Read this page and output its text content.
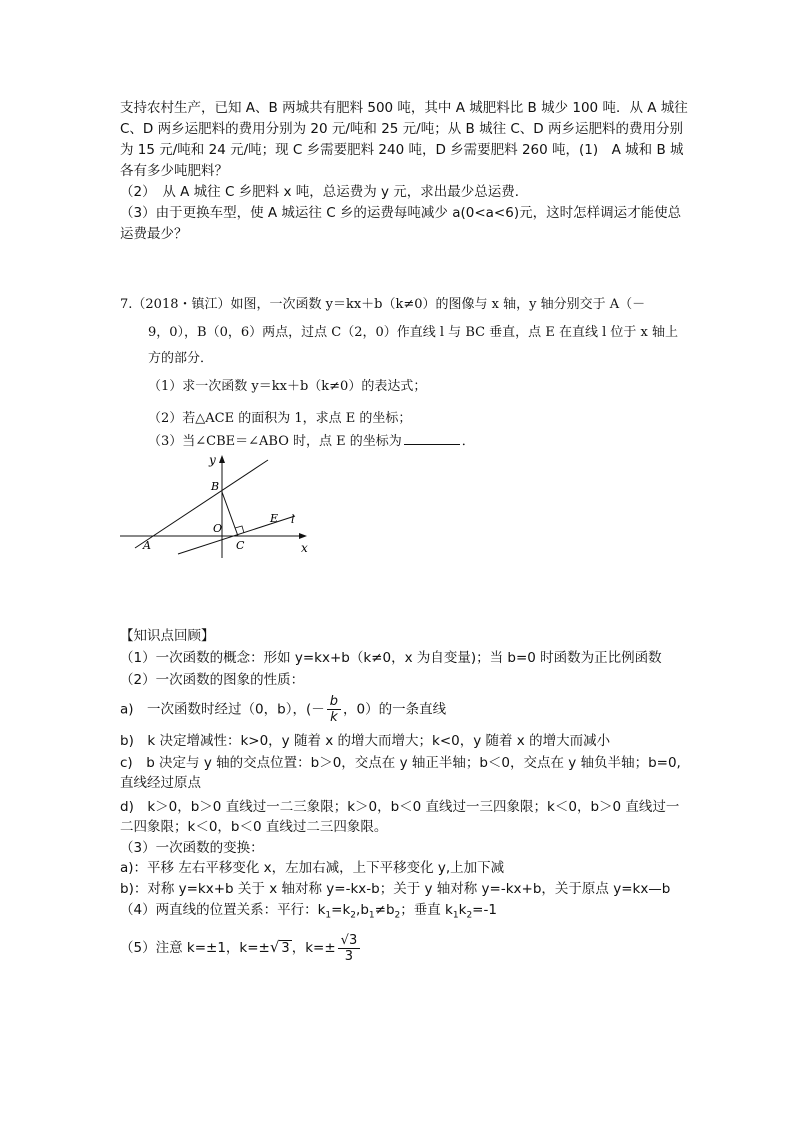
支持农村生产，已知 A、B 两城共有肥料 500 吨，其中 A 城肥料比 B 城少 100 吨．从 A 城往
C、D 两乡运肥料的费用分别为 20 元/吨和 25 元/吨；从 B 城往 C、D 两乡运肥料的费用分别
为 15 元/吨和 24 元/吨；现 C 乡需要肥料 240 吨，D 乡需要肥料 260 吨，(1)　A 城和 B 城
各有多少吨肥料？
（2）　从 A 城往 C 乡肥料 x 吨，总运费为 y 元，求出最少总运费．
（3）由于更换车型，使 A 城运往 C 乡的运费每吨减少 a(0<a<6)元，这时怎样调运才能使总
运费最少？
7.（2018・镇江）如图，一次函数 y＝kx＋b（k≠0）的图像与 x 轴，y 轴分别交于 A（－
9，0），B（0，6）两点，过点 C（2，0）作直线 l 与 BC 垂直，点 E 在直线 l 位于 x 轴上
方的部分．
（1）求一次函数 y＝kx＋b（k≠0）的表达式；
（2）若△ACE 的面积为 1，求点 E 的坐标；
（3）当∠CBE＝∠ABO 时，点 E 的坐标为	．
y
x
B
O
E l
A	C
【知识点回顾】
（1）一次函数的概念：形如 y=kx+b（k≠0，x 为自变量)；当 b=0 时函数为正比例函数
（2）一次函数的图象的性质：
a)　一次函数时经过（0，b），(－ $\frac{b}{k}$ ，0）的一条直线
b)　k 决定增减性：k>0，y 随着 x 的增大而增大；k<0，y 随着 x 的增大而减小
c)　b 决定与 y 轴的交点位置：b＞0，交点在 y 轴正半轴；b＜0，交点在 y 轴负半轴；b=0,
直线经过原点
d)　k＞0，b＞0 直线过一二三象限；k＞0，b＜0 直线过一三四象限；k＜0，b＞0 直线过一
二四象限；k＜0，b＜0 直线过二三四象限。
（3）一次函数的变换：
a)：平移 左右平移变化 x，左加右减，上下平移变化 y,上加下减
b)：对称 y=kx+b 关于 x 轴对称 y=-kx-b；关于 y 轴对称 y=-kx+b，关于原点 y=kx—b
（4）两直线的位置关系：平行：$k_1=k_2,b_1\ne b_2$；垂直 $k_1k_2=-1$
（5）注意 k=±1，k=±√ 3 ，$k=\pm \frac{√3}{3}$
